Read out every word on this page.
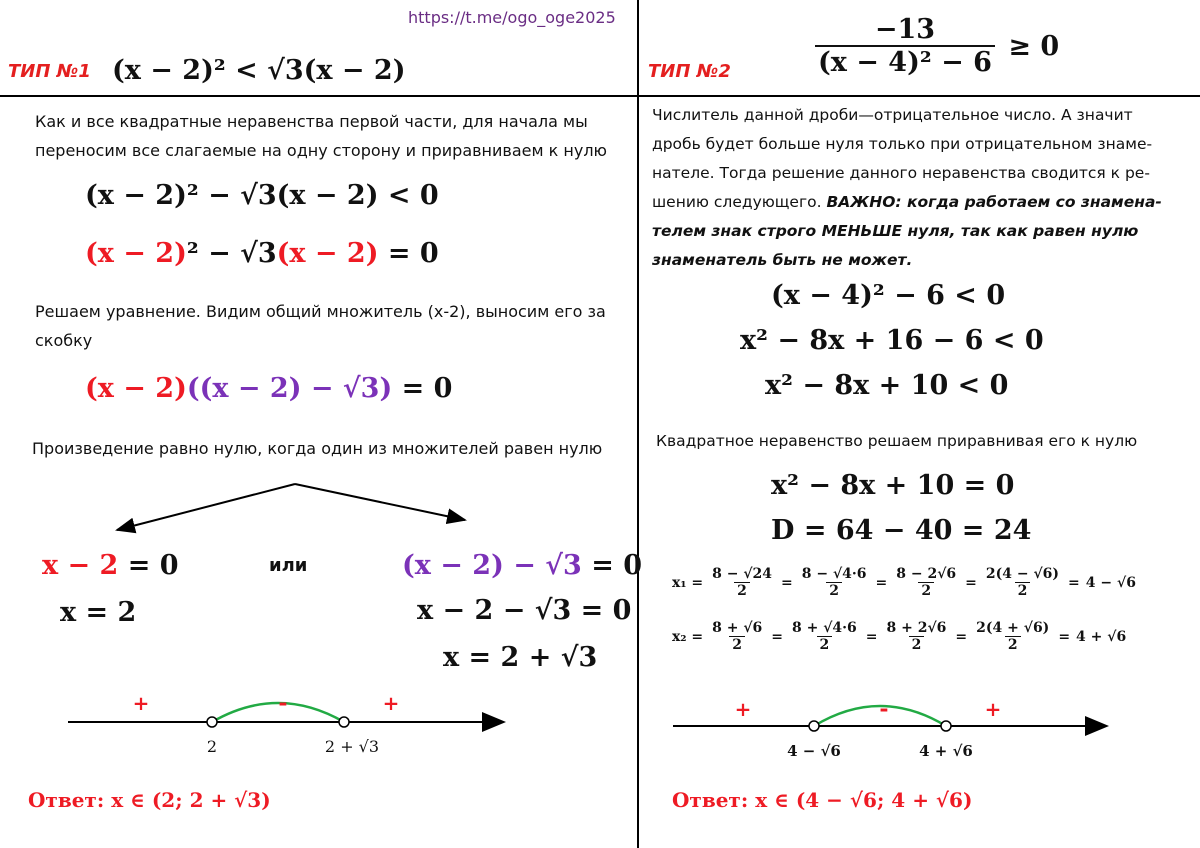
https://t.me/ogo_oge2025
ТИП №1 (x − 2)² < √3(x − 2)
Как и все квадратные неравенства первой части, для начала мы
переносим все слагаемые на одну сторону и приравниваем к нулю
(x − 2)² − √3(x − 2) < 0
(x − 2)² − √3(x − 2) = 0
Решаем уравнение. Видим общий множитель (x-2), выносим его за
скобку
(x − 2)((x − 2) − √3) = 0
Произведение равно нулю, когда один из множителей равен нулю
x − 2 = 0
x = 2
или	(x − 2) − √3 = 0
x − 2 − √3 = 0
x = 2 + √3
+	-	+
2	2 + √3
Ответ: x ∈ (2; 2 + √3)
ТИП №2	$\frac{-13}{\text{(x − 4)² − 6}} \ge 0$
Числитель данной дроби—отрицательное число. А значит
дробь будет больше нуля только при отрицательном знаме-
нателе. Тогда решение данного неравенства сводится к ре-
шению следующего. ВАЖНО: когда работаем со знамена-
телем знак строго МЕНЬШЕ нуля, так как равен нулю
знаменатель быть не может.
(x − 4)² − 6 < 0
x² − 8x + 16 − 6 < 0
x² − 8x + 10 < 0
Квадратное неравенство решаем приравнивая его к нулю
x² − 8x + 10 = 0
D = 64 − 40 = 24
$x_1 = \frac{8 - √24}{2} = \frac{8 - √4\cdot 6}{2} = \frac{8 - 2√6}{2} = \frac{2(4 - √6)}{2} = 4 - √6$
$x_2 = \frac{8 + √6}{2} = \frac{8 + √4\cdot 6}{2} = \frac{8 + 2√6}{2} = \frac{2(4 + √6)}{2} = 4 + √6$
+	-	+
4 − √6	4 + √6
Ответ: x ∈ (4 − √6; 4 + √6)
